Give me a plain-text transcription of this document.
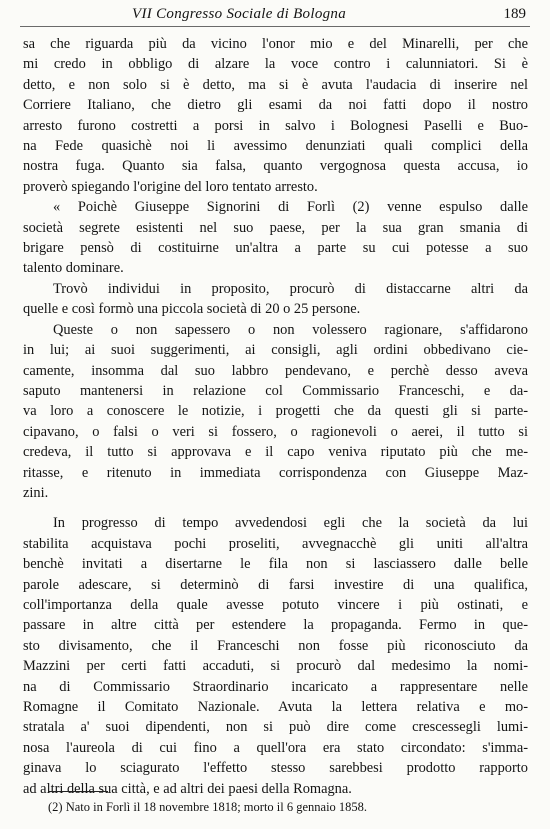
VII Congresso Sociale di Bologna	189
sa che riguarda più da vicino l'onor mio e del Minarelli, per che
mi credo in obbligo di alzare la voce contro i calunniatori. Si è
detto, e non solo si è detto, ma si è avuta l'audacia di inserire nel
Corriere Italiano, che dietro gli esami da noi fatti dopo il nostro
arresto furono costretti a porsi in salvo i Bolognesi Paselli e Buo-
na Fede quasichè noi li avessimo denunziati quali complici della
nostra fuga. Quanto sia falsa, quanto vergognosa questa accusa, io
proverò spiegando l'origine del loro tentato arresto.
« Poichè Giuseppe Signorini di Forlì (2) venne espulso dalle
società segrete esistenti nel suo paese, per la sua gran smania di
brigare pensò di costituirne un'altra a parte su cui potesse a suo
talento dominare.
Trovò individui in proposito, procurò di distaccarne altri da
quelle e così formò una piccola società di 20 o 25 persone.
Queste o non sapessero o non volessero ragionare, s'affidarono
in lui; ai suoi suggerimenti, ai consigli, agli ordini obbedivano cie-
camente, insomma dal suo labbro pendevano, e perchè desso aveva
saputo mantenersi in relazione col Commissario Franceschi, e da-
va loro a conoscere le notizie, i progetti che da questi gli si parte-
cipavano, o falsi o veri si fossero, o ragionevoli o aerei, il tutto si
credeva, il tutto si approvava e il capo veniva riputato più che me-
ritasse, e ritenuto in immediata corrispondenza con Giuseppe Maz-
zini.
In progresso di tempo avvedendosi egli che la società da lui
stabilita acquistava pochi proseliti, avvegnacchè gli uniti all'altra
benchè invitati a disertarne le fila non si lasciassero dalle belle
parole adescare, si determinò di farsi investire di una qualifica,
coll'importanza della quale avesse potuto vincere i più ostinati, e
passare in altre città per estendere la propaganda. Fermo in que-
sto divisamento, che il Franceschi non fosse più riconosciuto da
Mazzini per certi fatti accaduti, si procurò dal medesimo la nomi-
na di Commissario Straordinario incaricato a rappresentare nelle
Romagne il Comitato Nazionale. Avuta la lettera relativa e mo-
stratala a' suoi dipendenti, non si può dire come crescessegli lumi-
nosa l'aureola di cui fino a quell'ora era stato circondato: s'imma-
ginava lo sciagurato l'effetto stesso sarebbesi prodotto rapporto
ad altri della sua città, e ad altri dei paesi della Romagna.
(2) Nato in Forlì il 18 novembre 1818; morto il 6 gennaio 1858.
